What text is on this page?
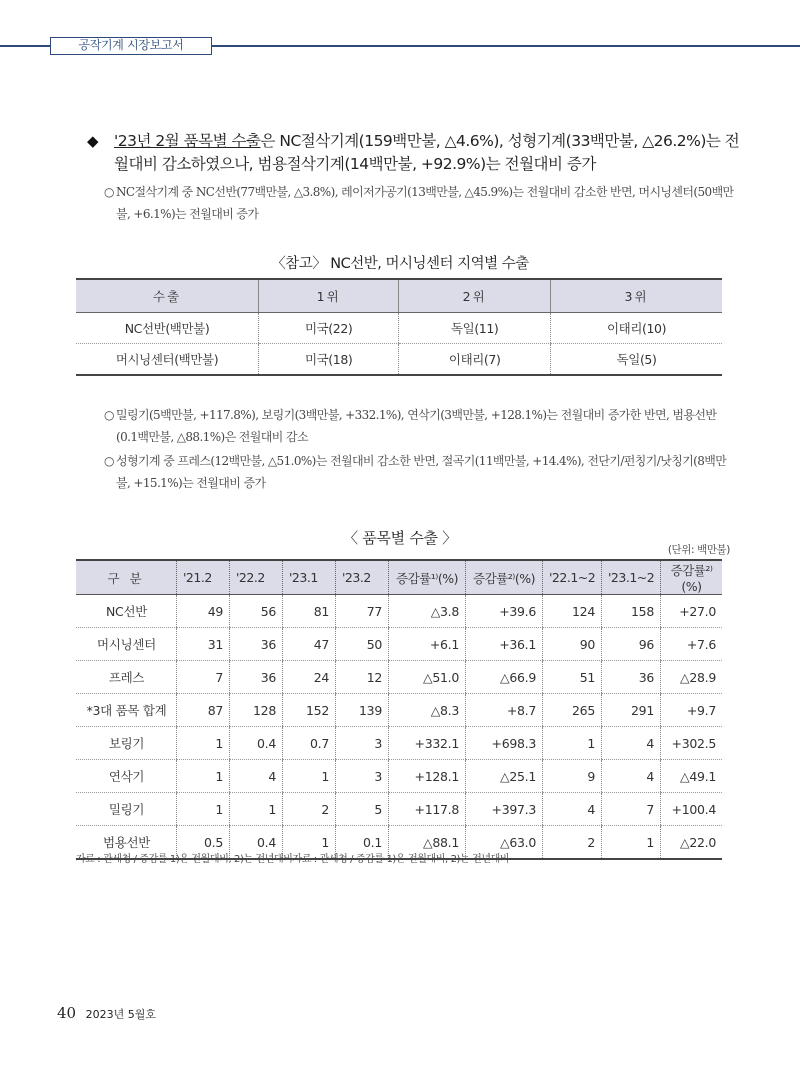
공작기계 시장보고서
◆ '23년 2월 품목별 수출은 NC절삭기계(159백만불, △4.6%), 성형기계(33백만불, △26.2%)는 전월대비 감소하였으나, 범용절삭기계(14백만불, +92.9%)는 전월대비 증가
○ NC절삭기계 중 NC선반(77백만불, △3.8%), 레이저가공기(13백만불, △45.9%)는 전월대비 감소한 반면, 머시닝센터(50백만불, +6.1%)는 전월대비 증가
〈참고〉 NC선반, 머시닝센터 지역별 수출
수출	1위	2위	3위
NC선반(백만불)	미국(22)	독일(11)	이태리(10)
머시닝센터(백만불)	미국(18)	이태리(7)	독일(5)
○ 밀링기(5백만불, +117.8%), 보링기(3백만불, +332.1%), 연삭기(3백만불, +128.1%)는 전월대비 증가한 반면, 범용선반(0.1백만불, △88.1%)은 전월대비 감소
○ 성형기계 중 프레스(12백만불, △51.0%)는 전월대비 감소한 반면, 절곡기(11백만불, +14.4%), 전단기/펀칭기/낫칭기(8백만불, +15.1%)는 전월대비 증가
〈 품목별 수출 〉
(단위: 백만불)
구 분	'21.2	'22.2	'23.1	'23.2	증감률¹⁾(%)	증감률²⁾(%)	'22.1~2	'23.1~2	증감률²⁾(%)
NC선반	49	56	81	77	△3.8	+39.6	124	158	+27.0
머시닝센터	31	36	47	50	+6.1	+36.1	90	96	+7.6
프레스	7	36	24	12	△51.0	△66.9	51	36	△28.9
*3대 품목 합계	87	128	152	139	△8.3	+8.7	265	291	+9.7
보링기	1	0.4	0.7	3	+332.1	+698.3	1	4	+302.5
연삭기	1	4	1	3	+128.1	△25.1	9	4	△49.1
밀링기	1	1	2	5	+117.8	+397.3	4	7	+100.4
범용선반	0.5	0.4	1	0.1	△88.1	△63.0	2	1	△22.0
자료 : 관세청 / 증감률 1)은 전월대비, 2)는 전년대비자료 : 관세청 / 증감률 1)은 전월대비, 2)는 전년대비
40 2023년 5월호
